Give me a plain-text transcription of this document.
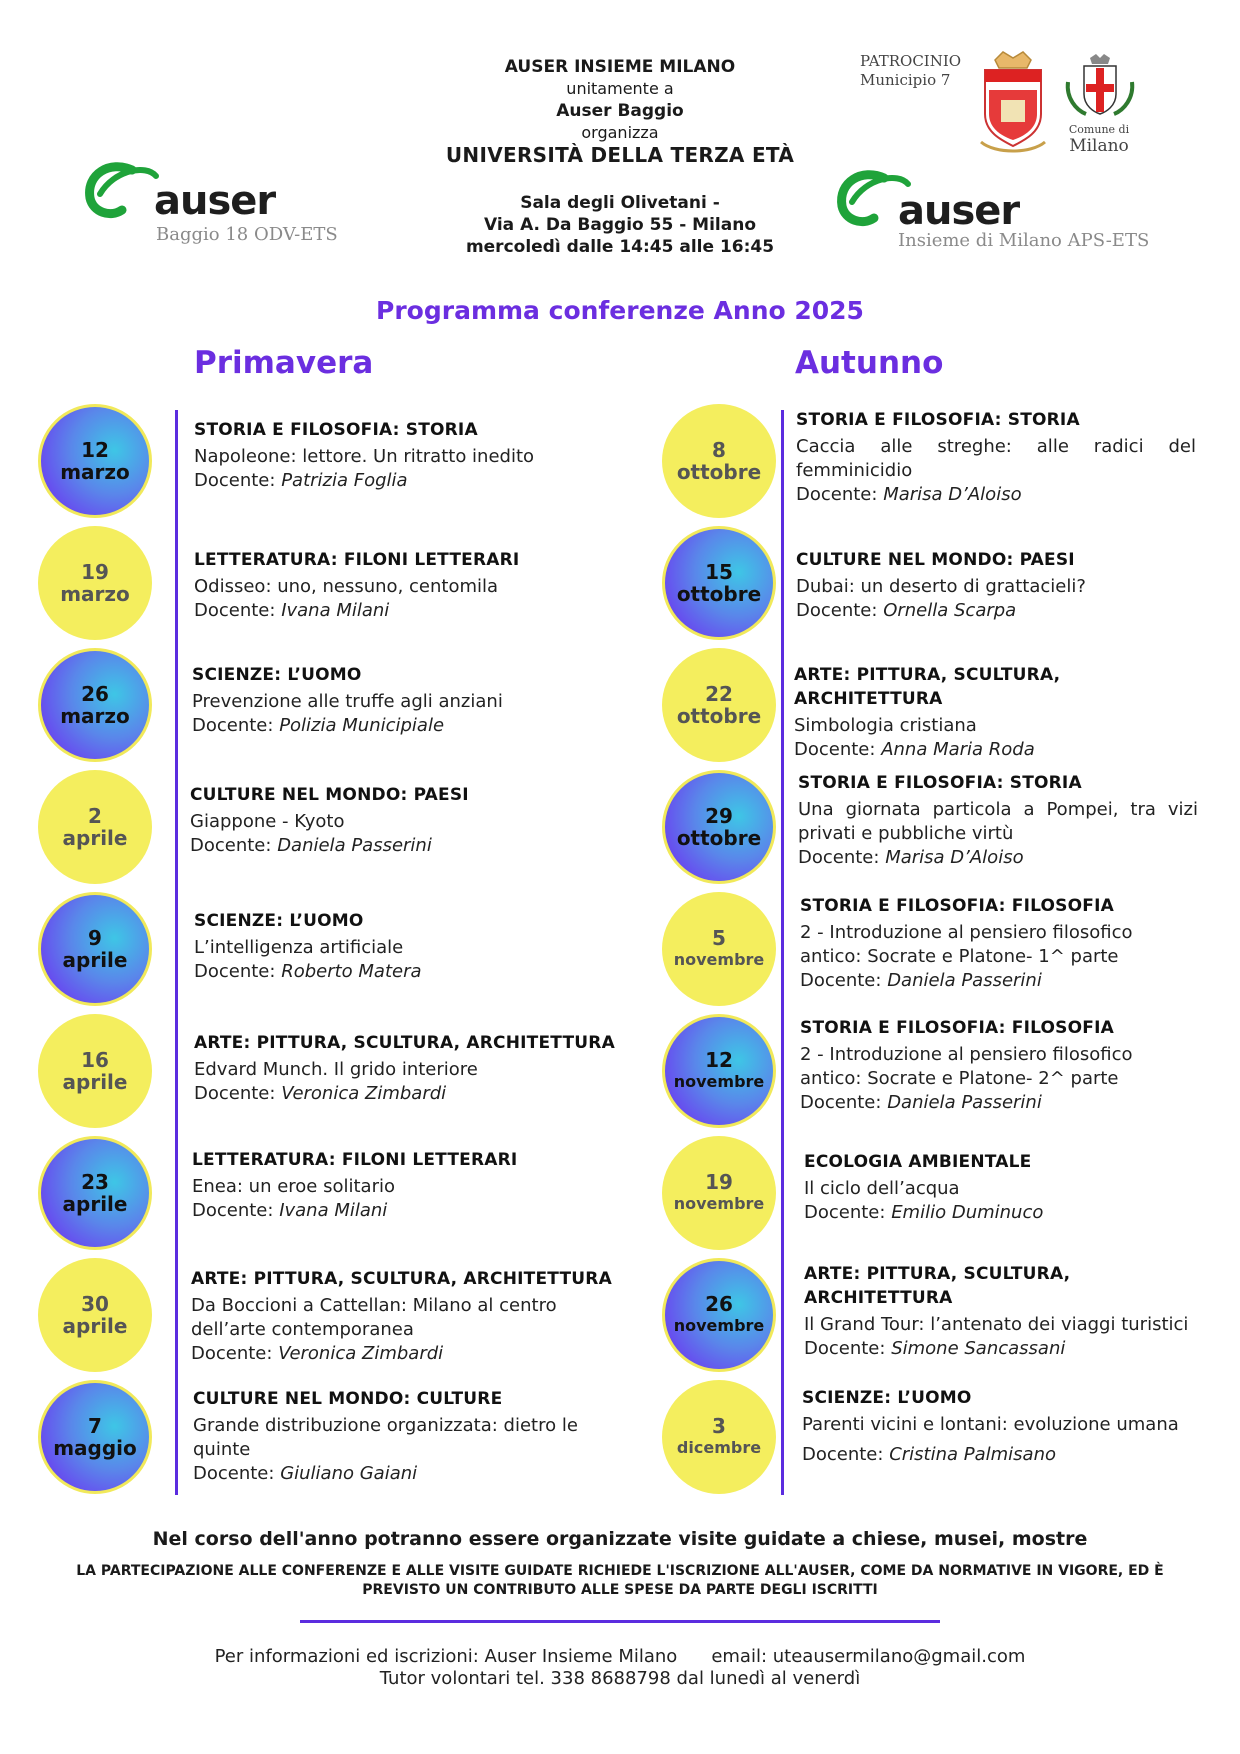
auser
Baggio 18 ODV-ETS
AUSER INSIEME MILANO
unitamente a
Auser Baggio
organizza
UNIVERSITÀ DELLA TERZA ETÀ
Sala degli Olivetani -
Via A. Da Baggio 55 - Milano
mercoledì dalle 14:45 alle 16:45
PATROCINIO
Municipio 7
Comune di
Milano
auser
Insieme di Milano APS-ETS
Programma conferenze Anno 2025
Primavera	Autunno
12
marzo
STORIA E FILOSOFIA: STORIA
Napoleone: lettore. Un ritratto inedito
Docente: Patrizia Foglia
19
marzo
LETTERATURA: FILONI LETTERARI
Odisseo: uno, nessuno, centomila
Docente: Ivana Milani
26
marzo
SCIENZE: L’UOMO
Prevenzione alle truffe agli anziani
Docente: Polizia Municipiale
2
aprile
CULTURE NEL MONDO: PAESI
Giappone - Kyoto
Docente: Daniela Passerini
9
aprile
SCIENZE: L’UOMO
L’intelligenza artificiale
Docente: Roberto Matera
16
aprile
ARTE: PITTURA, SCULTURA, ARCHITETTURA
Edvard Munch. Il grido interiore
Docente: Veronica Zimbardi
23
aprile
LETTERATURA: FILONI LETTERARI
Enea: un eroe solitario
Docente: Ivana Milani
30
aprile
ARTE: PITTURA, SCULTURA, ARCHITETTURA
Da Boccioni a Cattellan: Milano al centro dell’arte contemporanea
Docente: Veronica Zimbardi
7
maggio
CULTURE NEL MONDO: CULTURE
Grande distribuzione organizzata: dietro le quinte
Docente: Giuliano Gaiani
8
ottobre
STORIA E FILOSOFIA: STORIA
Caccia alle streghe: alle radici del femminicidio
Docente: Marisa D’Aloiso
15
ottobre
CULTURE NEL MONDO: PAESI
Dubai: un deserto di grattacieli?
Docente: Ornella Scarpa
22
ottobre
ARTE: PITTURA, SCULTURA, ARCHITETTURA
Simbologia cristiana
Docente: Anna Maria Roda
29
ottobre
STORIA E FILOSOFIA: STORIA
Una giornata particola a Pompei, tra vizi privati e pubbliche virtù
Docente: Marisa D’Aloiso
5
novembre
STORIA E FILOSOFIA: FILOSOFIA
2 - Introduzione al pensiero filosofico antico: Socrate e Platone- 1^ parte
Docente: Daniela Passerini
12
novembre
STORIA E FILOSOFIA: FILOSOFIA
2 - Introduzione al pensiero filosofico antico: Socrate e Platone- 2^ parte
Docente: Daniela Passerini
19
novembre
ECOLOGIA AMBIENTALE
Il ciclo dell’acqua
Docente: Emilio Duminuco
26
novembre
ARTE: PITTURA, SCULTURA, ARCHITETTURA
Il Grand Tour: l’antenato dei viaggi turistici
Docente: Simone Sancassani
3
dicembre
SCIENZE: L’UOMO
Parenti vicini e lontani: evoluzione umana
Docente: Cristina Palmisano
Nel corso dell'anno potranno essere organizzate visite guidate a chiese, musei, mostre
LA PARTECIPAZIONE ALLE CONFERENZE E ALLE VISITE GUIDATE RICHIEDE L'ISCRIZIONE ALL'AUSER, COME DA NORMATIVE IN VIGORE, ED È PREVISTO UN CONTRIBUTO ALLE SPESE DA PARTE DEGLI ISCRITTI
Per informazioni ed iscrizioni: Auser Insieme Milano email: uteausermilano@gmail.com
Tutor volontari tel. 338 8688798 dal lunedì al venerdì
